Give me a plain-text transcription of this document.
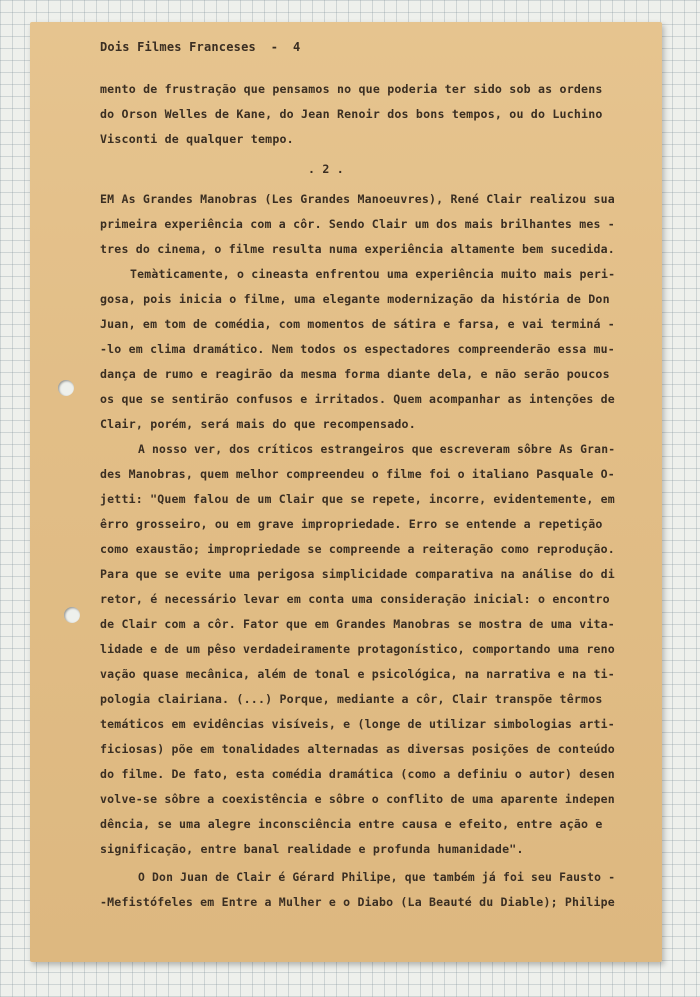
Dois Filmes Franceses  -  4
mento de frustração que pensamos no que poderia ter sido sob as ordens
do Orson Welles de Kane, do Jean Renoir dos bons tempos, ou do Luchino
Visconti de qualquer tempo.
. 2 .
EM As Grandes Manobras (Les Grandes Manoeuvres), René Clair realizou sua
primeira experiência com a côr. Sendo Clair um dos mais brilhantes mes -
tres do cinema, o filme resulta numa experiência altamente bem sucedida.
Temàticamente, o cineasta enfrentou uma experiência muito mais peri-
gosa, pois inicia o filme, uma elegante modernização da história de Don
Juan, em tom de comédia, com momentos de sátira e farsa, e vai terminá -
-lo em clima dramático. Nem todos os espectadores compreenderão essa mu-
dança de rumo e reagirão da mesma forma diante dela, e não serão poucos
os que se sentirão confusos e irritados. Quem acompanhar as intenções de
Clair, porém, será mais do que recompensado.
A nosso ver, dos críticos estrangeiros que escreveram sôbre As Gran-
des Manobras, quem melhor compreendeu o filme foi o italiano Pasquale O-
jetti: "Quem falou de um Clair que se repete, incorre, evidentemente, em
êrro grosseiro, ou em grave impropriedade. Erro se entende a repetição
como exaustão; impropriedade se compreende a reiteração como reprodução.
Para que se evite uma perigosa simplicidade comparativa na análise do di
retor, é necessário levar em conta uma consideração inicial: o encontro
de Clair com a côr. Fator que em Grandes Manobras se mostra de uma vita-
lidade e de um pêso verdadeiramente protagonístico, comportando uma reno
vação quase mecânica, além de tonal e psicológica, na narrativa e na ti-
pologia clairiana. (...) Porque, mediante a côr, Clair transpõe têrmos
temáticos em evidências visíveis, e (longe de utilizar simbologias arti-
ficiosas) põe em tonalidades alternadas as diversas posições de conteúdo
do filme. De fato, esta comédia dramática (como a definiu o autor) desen
volve-se sôbre a coexistência e sôbre o conflito de uma aparente indepen
dência, se uma alegre inconsciência entre causa e efeito, entre ação e
significação, entre banal realidade e profunda humanidade".
O Don Juan de Clair é Gérard Philipe, que também já foi seu Fausto -
-Mefistófeles em Entre a Mulher e o Diabo (La Beauté du Diable); Philipe
